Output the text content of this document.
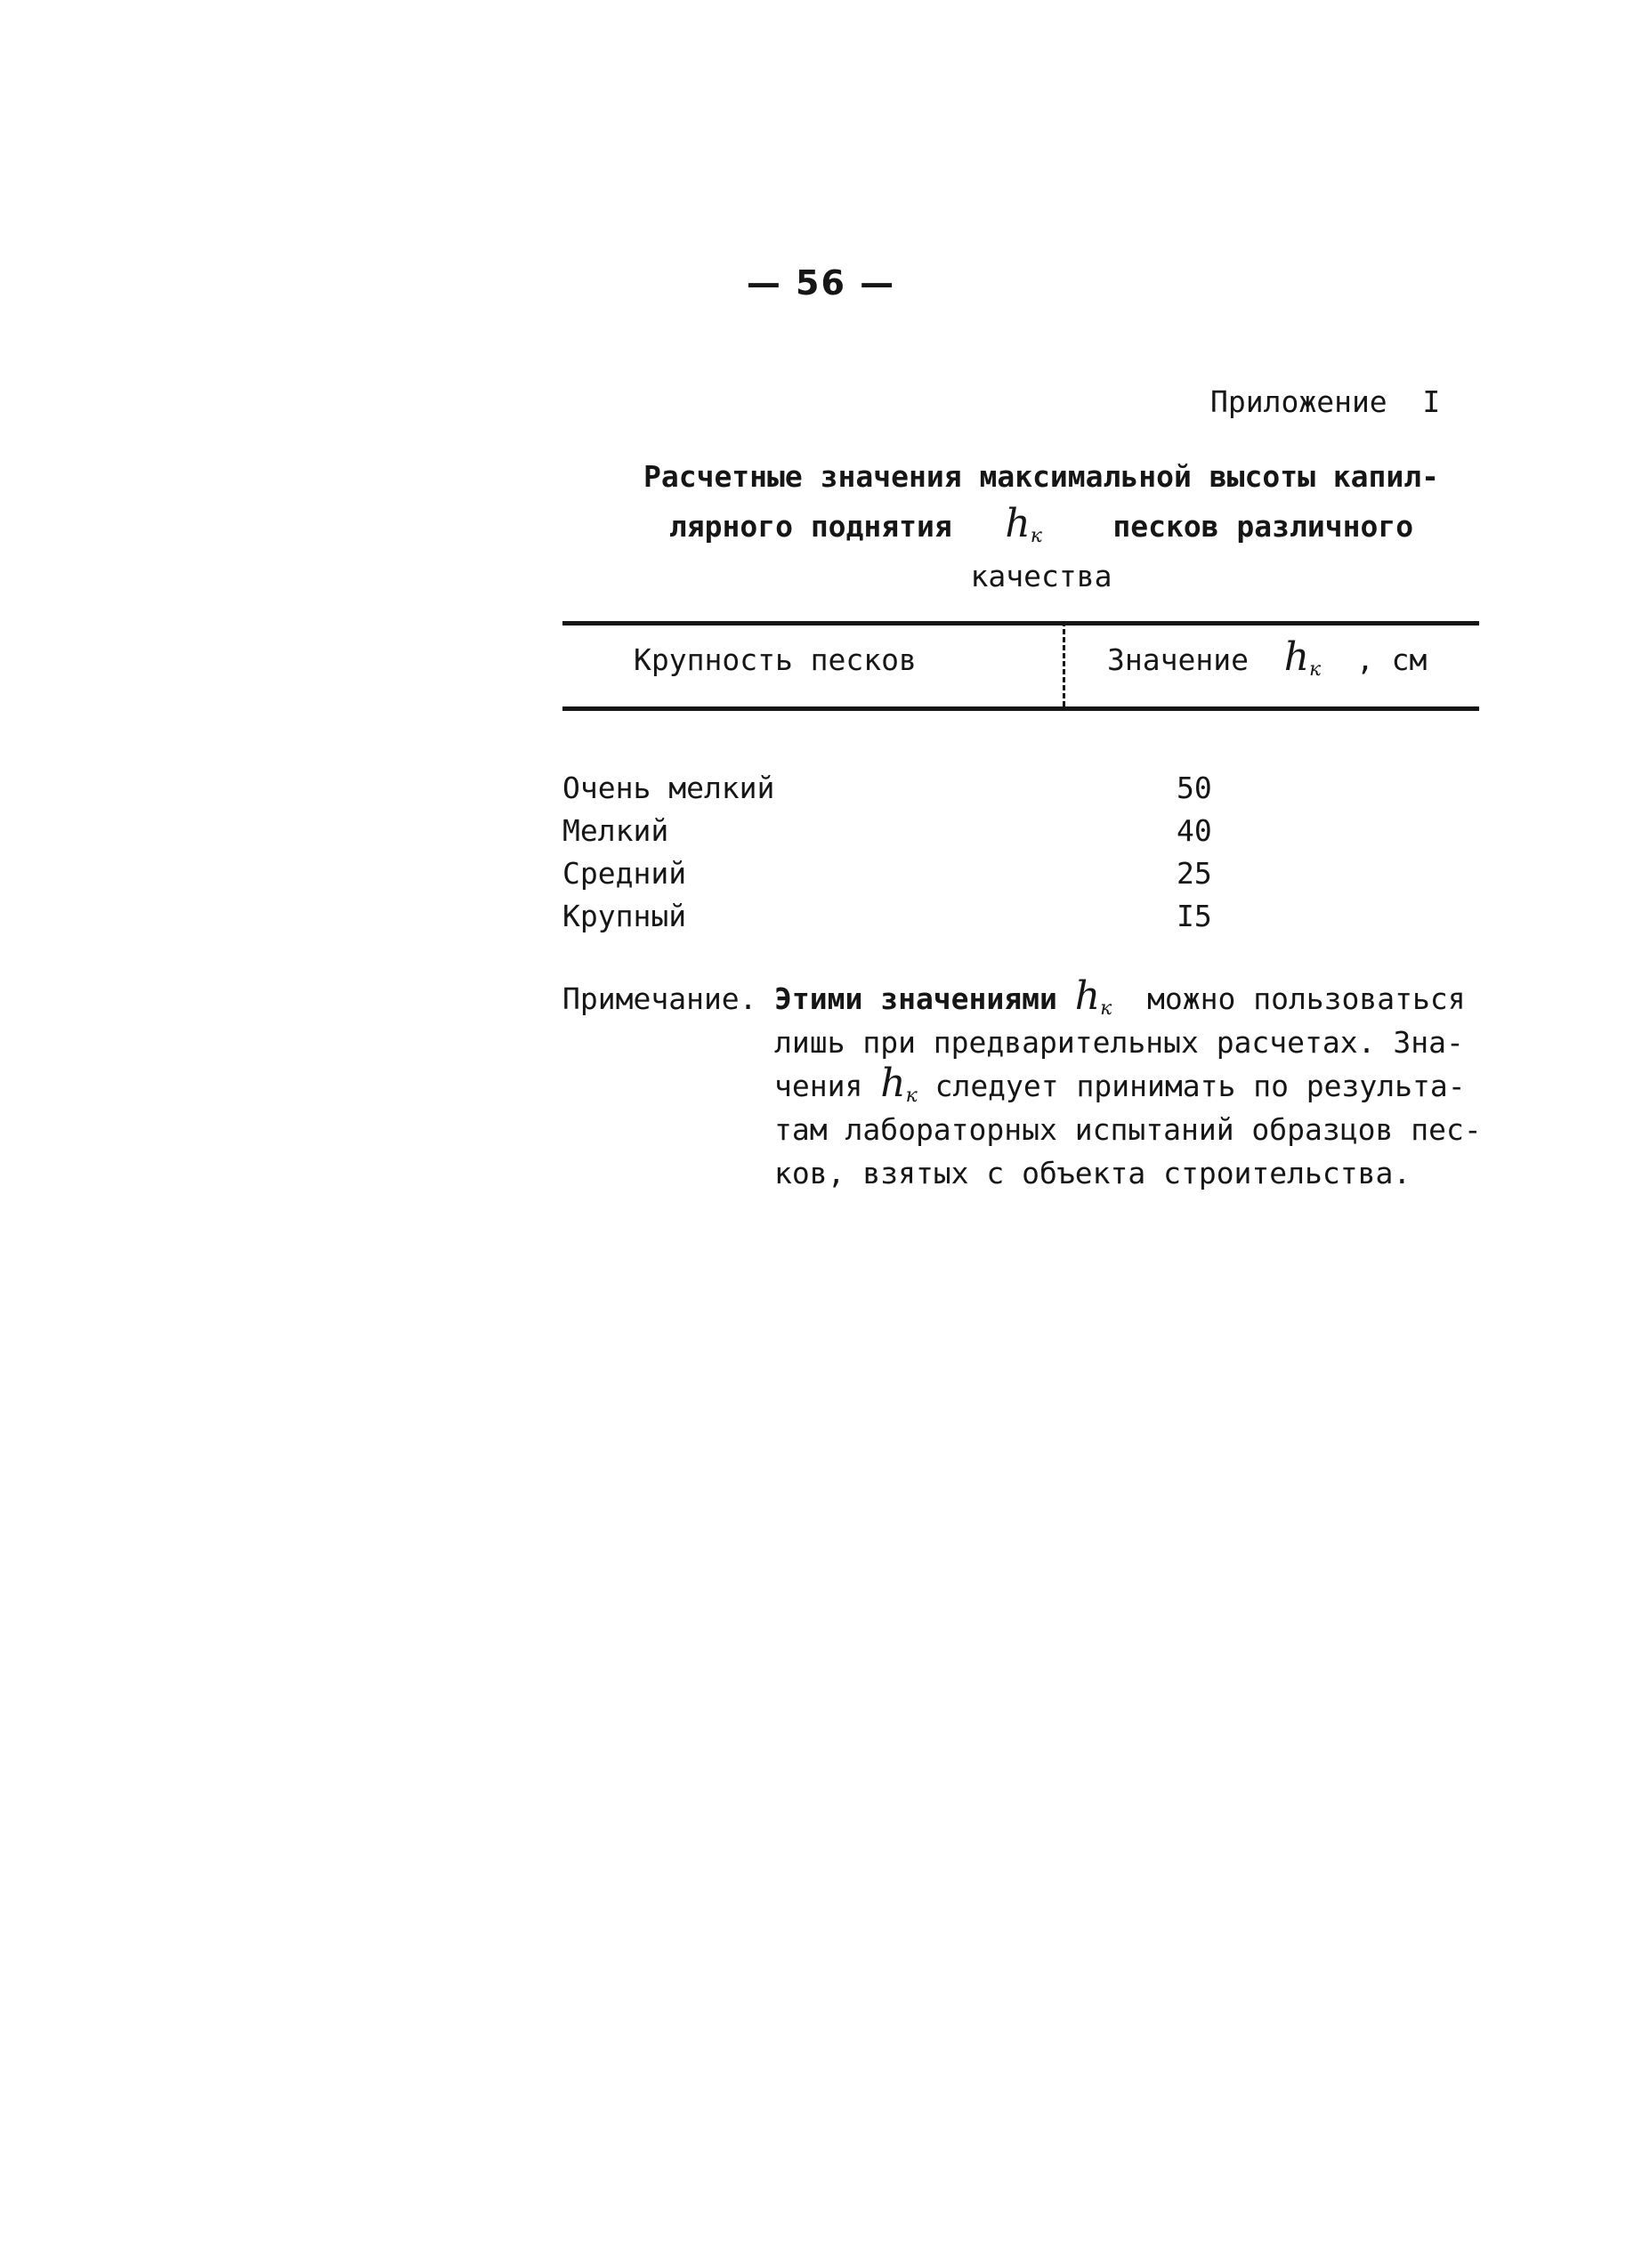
— 56 —
Приложение  I
Расчетные значения максимальной высоты капил-
лярного поднятия $h_к$ песков различного
качества
Крупность песков	Значение $h_к$ , см
Очень мелкий	50
Мелкий	40
Средний	25
Крупный	I5
Примечание. Этими значениями $h_к$ можно пользоваться
лишь при предварительных расчетах. Зна-
чения $h_к$ следует принимать по результа-
там лабораторных испытаний образцов пес-
ков, взятых с объекта строительства.
